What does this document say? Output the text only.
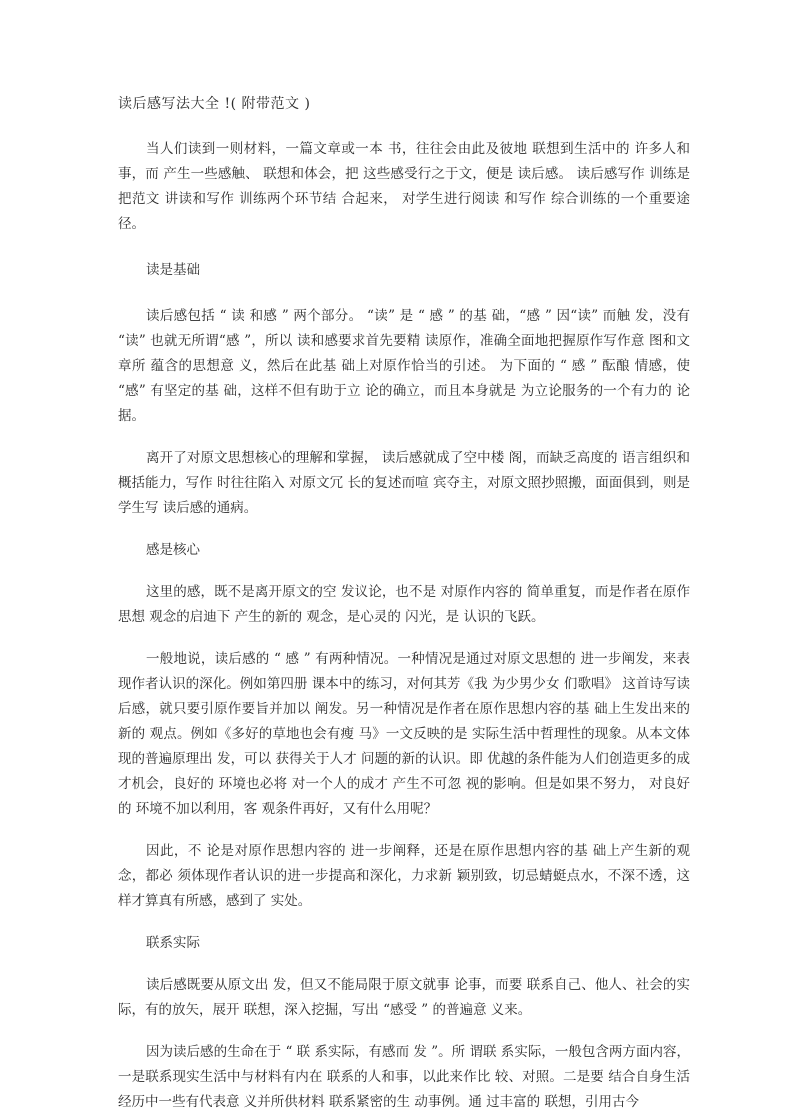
读后感写法大全 !( 附带范文 )

当人们读到一则材料，一篇文章或一本 书，往往会由此及彼地 联想到生活中的 许多人和事，而 产生一些感触、 联想和体会，把 这些感受行之于文，便是 读后感。 读后感写作 训练是把范文 讲读和写作 训练两个环节结 合起来， 对学生进行阅读 和写作 综合训练的一个重要途径。

读是基础

读后感包括 “ 读 和感 ” 两个部分。 “读” 是 “ 感 ” 的基 础，“感 ” 因“读” 而触 发，没有 “读” 也就无所谓“感 ”，所以 读和感要求首先要精 读原作，准确全面地把握原作写作意 图和文章所 蕴含的思想意 义，然后在此基 础上对原作恰当的引述。 为下面的 “ 感 ” 酝酿 情感，使 “感” 有坚定的基 础，这样不但有助于立 论的确立，而且本身就是 为立论服务的一个有力的 论据。

离开了对原文思想核心的理解和掌握， 读后感就成了空中楼 阁，而缺乏高度的 语言组织和概括能力，写作 时往往陷入 对原文冗 长的复述而喧 宾夺主，对原文照抄照搬，面面俱到，则是学生写 读后感的通病。

感是核心

这里的感，既不是离开原文的空 发议论，也不是 对原作内容的 简单重复，而是作者在原作思想 观念的启迪下 产生的新的 观念，是心灵的 闪光，是 认识的飞跃。

一般地说，读后感的 “ 感 ” 有两种情况。一种情况是通过对原文思想的 进一步阐发，来表现作者认识的深化。例如第四册 课本中的练习，对何其芳《我 为少男少女 们歌唱》 这首诗写读后感，就只要引原作要旨并加以 阐发。另一种情况是作者在原作思想内容的基 础上生发出来的新的 观点。例如《多好的草地也会有瘦 马》一文反映的是 实际生活中哲理性的现象。从本文体现的普遍原理出 发，可以 获得关于人才 问题的新的认识。即 优越的条件能为人们创造更多的成才机会，良好的 环境也必将 对一个人的成才 产生不可忽 视的影响。但是如果不努力， 对良好的 环境不加以利用，客 观条件再好，又有什么用呢？

因此，不 论是对原作思想内容的 进一步阐释，还是在原作思想内容的基 础上产生新的观念，都必 须体现作者认识的进一步提高和深化，力求新 颖别致，切忌蜻蜓点水，不深不透，这样才算真有所感，感到了 实处。

联系实际

读后感既要从原文出 发，但又不能局限于原文就事 论事，而要 联系自己、他人、社会的实际，有的放矢，展开 联想，深入挖掘，写出 “感受 ” 的普遍意 义来。

因为读后感的生命在于 “ 联 系实际，有感而 发 ”。所 谓联 系实际，一般包含两方面内容，一是联系现实生活中与材料有内在 联系的人和事，以此来作比 较、对照。二是要 结合自身生活经历中一些有代表意 义并所供材料 联系紧密的生 动事例。通 过丰富的 联想，引用古今
